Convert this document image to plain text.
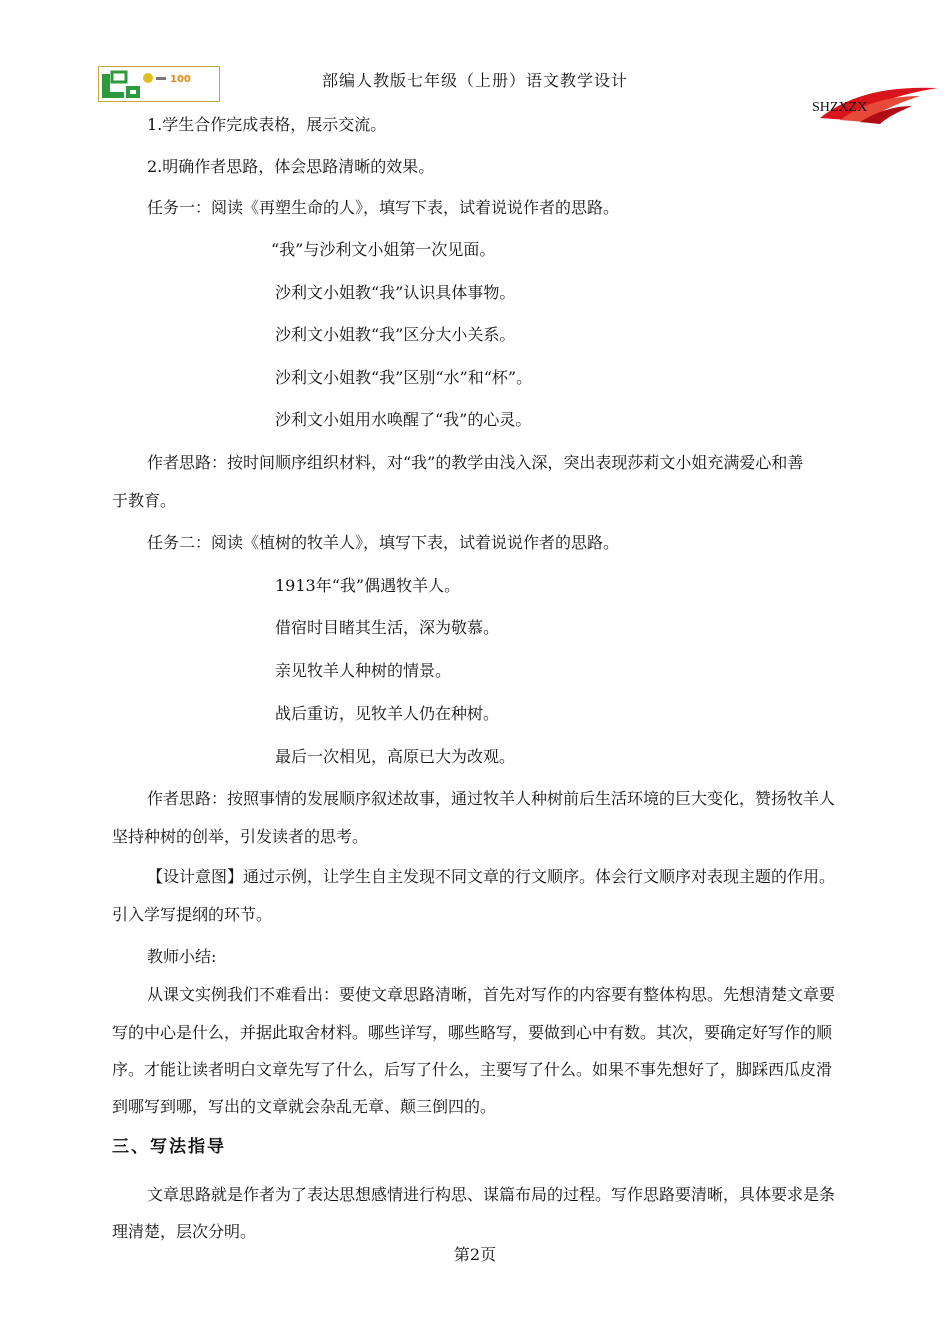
100	部编人教版七年级（上册）语文教学设计
SHZXZX
1.学生合作完成表格，展示交流。
2.明确作者思路，体会思路清晰的效果。
任务一：阅读《再塑生命的人》，填写下表，试着说说作者的思路。
“我”与沙利文小姐第一次见面。
沙利文小姐教“我”认识具体事物。
沙利文小姐教“我”区分大小关系。
沙利文小姐教“我”区别“水”和“杯”。
沙利文小姐用水唤醒了“我”的心灵。
作者思路：按时间顺序组织材料，对“我”的教学由浅入深，突出表现莎莉文小姐充满爱心和善
于教育。
任务二：阅读《植树的牧羊人》，填写下表，试着说说作者的思路。
1913年“我”偶遇牧羊人。
借宿时目睹其生活，深为敬慕。
亲见牧羊人种树的情景。
战后重访，见牧羊人仍在种树。
最后一次相见，高原已大为改观。
作者思路：按照事情的发展顺序叙述故事，通过牧羊人种树前后生活环境的巨大变化，赞扬牧羊人
坚持种树的创举，引发读者的思考。
【设计意图】通过示例，让学生自主发现不同文章的行文顺序。体会行文顺序对表现主题的作用。
引入学写提纲的环节。
教师小结:
从课文实例我们不难看出：要使文章思路清晰，首先对写作的内容要有整体构思。先想清楚文章要
写的中心是什么，并据此取舍材料。哪些详写，哪些略写，要做到心中有数。其次，要确定好写作的顺
序。才能让读者明白文章先写了什么，后写了什么，主要写了什么。如果不事先想好了，脚踩西瓜皮滑
到哪写到哪，写出的文章就会杂乱无章、颠三倒四的。
三、写法指导
文章思路就是作者为了表达思想感情进行构思、谋篇布局的过程。写作思路要清晰，具体要求是条
理清楚，层次分明。
第2页
